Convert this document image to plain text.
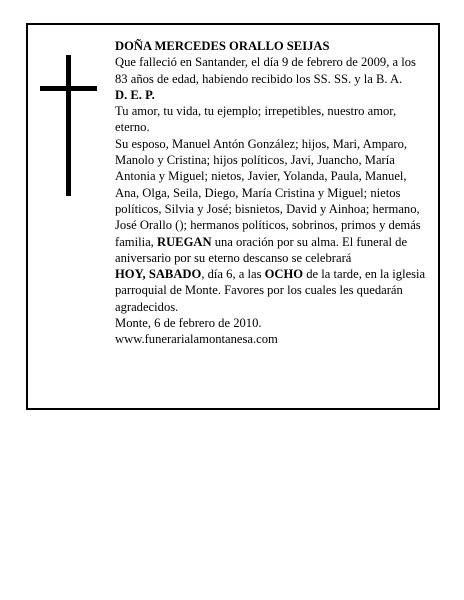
DOÑA MERCEDES ORALLO SEIJAS

Que falleció en Santander, el día 9 de febrero de 2009, a los 83 años de edad, habiendo recibido los SS. SS. y la B. A.

D. E. P.

Tu amor, tu vida, tu ejemplo; irrepetibles, nuestro amor, eterno.

Su esposo, Manuel Antón González; hijos, Mari, Amparo, Manolo y Cristina; hijos políticos, Javi, Juancho, María Antonia y Miguel; nietos, Javier, Yolanda, Paula, Manuel, Ana, Olga, Seila, Diego, María Cristina y Miguel; nietos políticos, Silvia y José; bisnietos, David y Ainhoa; hermano, José Orallo (); hermanos políticos, sobrinos, primos y demás familia, RUEGAN una oración por su alma. El funeral de aniversario por su eterno descanso se celebrará

HOY, SABADO, día 6, a las OCHO de la tarde, en la iglesia parroquial de Monte. Favores por los cuales les quedarán agradecidos.

Monte, 6 de febrero de 2010.

www.funerarialamontanesa.com
